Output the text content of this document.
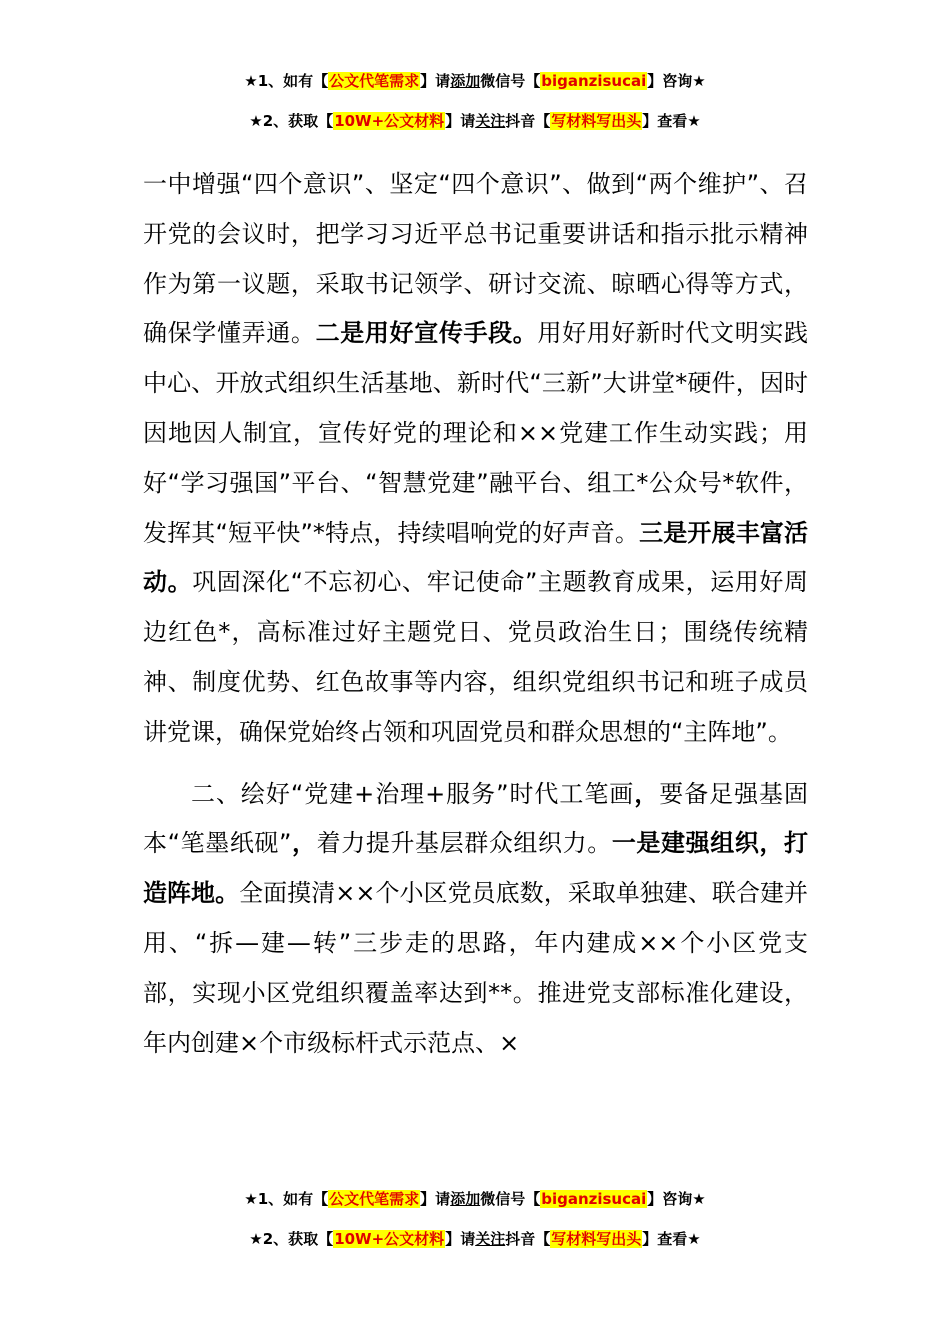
★1、如有【公文代笔需求】请添加微信号【biganzisucai】咨询★
★2、获取【10W+公文材料】请关注抖音【写材料写出头】查看★

一中增强“四个意识”、坚定“四个意识”、做到“两个维护”、召开党的会议时，把学习习近平总书记重要讲话和指示批示精神作为第一议题，采取书记领学、研讨交流、晾晒心得等方式，确保学懂弄通。二是用好宣传手段。用好用好新时代文明实践中心、开放式组织生活基地、新时代“三新”大讲堂*硬件，因时因地因人制宜，宣传好党的理论和××党建工作生动实践；用好“学习强国”平台、“智慧党建”融平台、组工*公众号*软件，发挥其“短平快”*特点，持续唱响党的好声音。三是开展丰富活动。巩固深化“不忘初心、牢记使命”主题教育成果，运用好周边红色*，高标准过好主题党日、党员政治生日；围绕传统精神、制度优势、红色故事等内容，组织党组织书记和班子成员讲党课，确保党始终占领和巩固党员和群众思想的“主阵地”。

二、绘好“党建+治理+服务”时代工笔画，要备足强基固本“笔墨纸砚”，着力提升基层群众组织力。一是建强组织，打造阵地。全面摸清××个小区党员底数，采取单独建、联合建并用、“拆—建—转”三步走的思路，年内建成××个小区党支部，实现小区党组织覆盖率达到**。推进党支部标准化建设，年内创建×个市级标杆式示范点、×

★1、如有【公文代笔需求】请添加微信号【biganzisucai】咨询★
★2、获取【10W+公文材料】请关注抖音【写材料写出头】查看★
